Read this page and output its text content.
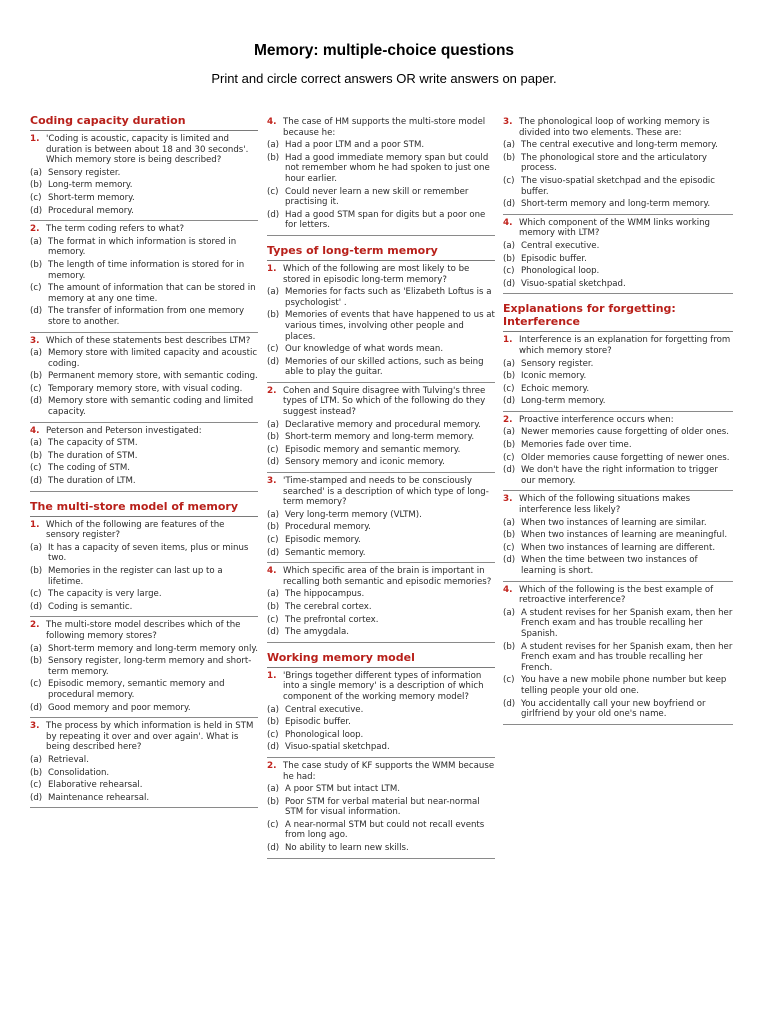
Memory: multiple-choice questions
Print and circle correct answers OR write answers on paper.
Coding capacity duration
1. 'Coding is acoustic, capacity is limited and duration is between about 18 and 30 seconds'. Which memory store is being described?
(a) Sensory register.
(b) Long-term memory.
(c) Short-term memory.
(d) Procedural memory.
2. The term coding refers to what?
(a) The format in which information is stored in memory.
(b) The length of time information is stored for in memory.
(c) The amount of information that can be stored in memory at any one time.
(d) The transfer of information from one memory store to another.
3. Which of these statements best describes LTM?
(a) Memory store with limited capacity and acoustic coding.
(b) Permanent memory store, with semantic coding.
(c) Temporary memory store, with visual coding.
(d) Memory store with semantic coding and limited capacity.
4. Peterson and Peterson investigated:
(a) The capacity of STM.
(b) The duration of STM.
(c) The coding of STM.
(d) The duration of LTM.
The multi-store model of memory
1. Which of the following are features of the sensory register?
(a) It has a capacity of seven items, plus or minus two.
(b) Memories in the register can last up to a lifetime.
(c) The capacity is very large.
(d) Coding is semantic.
2. The multi-store model describes which of the following memory stores?
(a) Short-term memory and long-term memory only.
(b) Sensory register, long-term memory and short-term memory.
(c) Episodic memory, semantic memory and procedural memory.
(d) Good memory and poor memory.
3. The process by which information is held in STM by repeating it over and over again'. What is being described here?
(a) Retrieval.
(b) Consolidation.
(c) Elaborative rehearsal.
(d) Maintenance rehearsal.
4. The case of HM supports the multi-store model because he:
(a) Had a poor LTM and a poor STM.
(b) Had a good immediate memory span but could not remember whom he had spoken to just one hour earlier.
(c) Could never learn a new skill or remember practising it.
(d) Had a good STM span for digits but a poor one for letters.
Types of long-term memory
1. Which of the following are most likely to be stored in episodic long-term memory?
(a) Memories for facts such as 'Elizabeth Loftus is a psychologist' .
(b) Memories of events that have happened to us at various times, involving other people and places.
(c) Our knowledge of what words mean.
(d) Memories of our skilled actions, such as being able to play the guitar.
2. Cohen and Squire disagree with Tulving's three types of LTM. So which of the following do they suggest instead?
(a) Declarative memory and procedural memory.
(b) Short-term memory and long-term memory.
(c) Episodic memory and semantic memory.
(d) Sensory memory and iconic memory.
3. 'Time-stamped and needs to be consciously searched' is a description of which type of long-term memory?
(a) Very long-term memory (VLTM).
(b) Procedural memory.
(c) Episodic memory.
(d) Semantic memory.
4. Which specific area of the brain is important in recalling both semantic and episodic memories?
(a) The hippocampus.
(b) The cerebral cortex.
(c) The prefrontal cortex.
(d) The amygdala.
Working memory model
1. 'Brings together different types of information into a single memory' is a description of which component of the working memory model?
(a) Central executive.
(b) Episodic buffer.
(c) Phonological loop.
(d) Visuo-spatial sketchpad.
2. The case study of KF supports the WMM because he had:
(a) A poor STM but intact LTM.
(b) Poor STM for verbal material but near-normal STM for visual information.
(c) A near-normal STM but could not recall events from long ago.
(d) No ability to learn new skills.
3. The phonological loop of working memory is divided into two elements. These are:
(a) The central executive and long-term memory.
(b) The phonological store and the articulatory process.
(c) The visuo-spatial sketchpad and the episodic buffer.
(d) Short-term memory and long-term memory.
4. Which component of the WMM links working memory with LTM?
(a) Central executive.
(b) Episodic buffer.
(c) Phonological loop.
(d) Visuo-spatial sketchpad.
Explanations for forgetting: Interference
1. Interference is an explanation for forgetting from which memory store?
(a) Sensory register.
(b) Iconic memory.
(c) Echoic memory.
(d) Long-term memory.
2. Proactive interference occurs when:
(a) Newer memories cause forgetting of older ones.
(b) Memories fade over time.
(c) Older memories cause forgetting of newer ones.
(d) We don't have the right information to trigger our memory.
3. Which of the following situations makes interference less likely?
(a) When two instances of learning are similar.
(b) When two instances of learning are meaningful.
(c) When two instances of learning are different.
(d) When the time between two instances of learning is short.
4. Which of the following is the best example of retroactive interference?
(a) A student revises for her Spanish exam, then her French exam and has trouble recalling her Spanish.
(b) A student revises for her Spanish exam, then her French exam and has trouble recalling her French.
(c) You have a new mobile phone number but keep telling people your old one.
(d) You accidentally call your new boyfriend or girlfriend by your old one's name.
